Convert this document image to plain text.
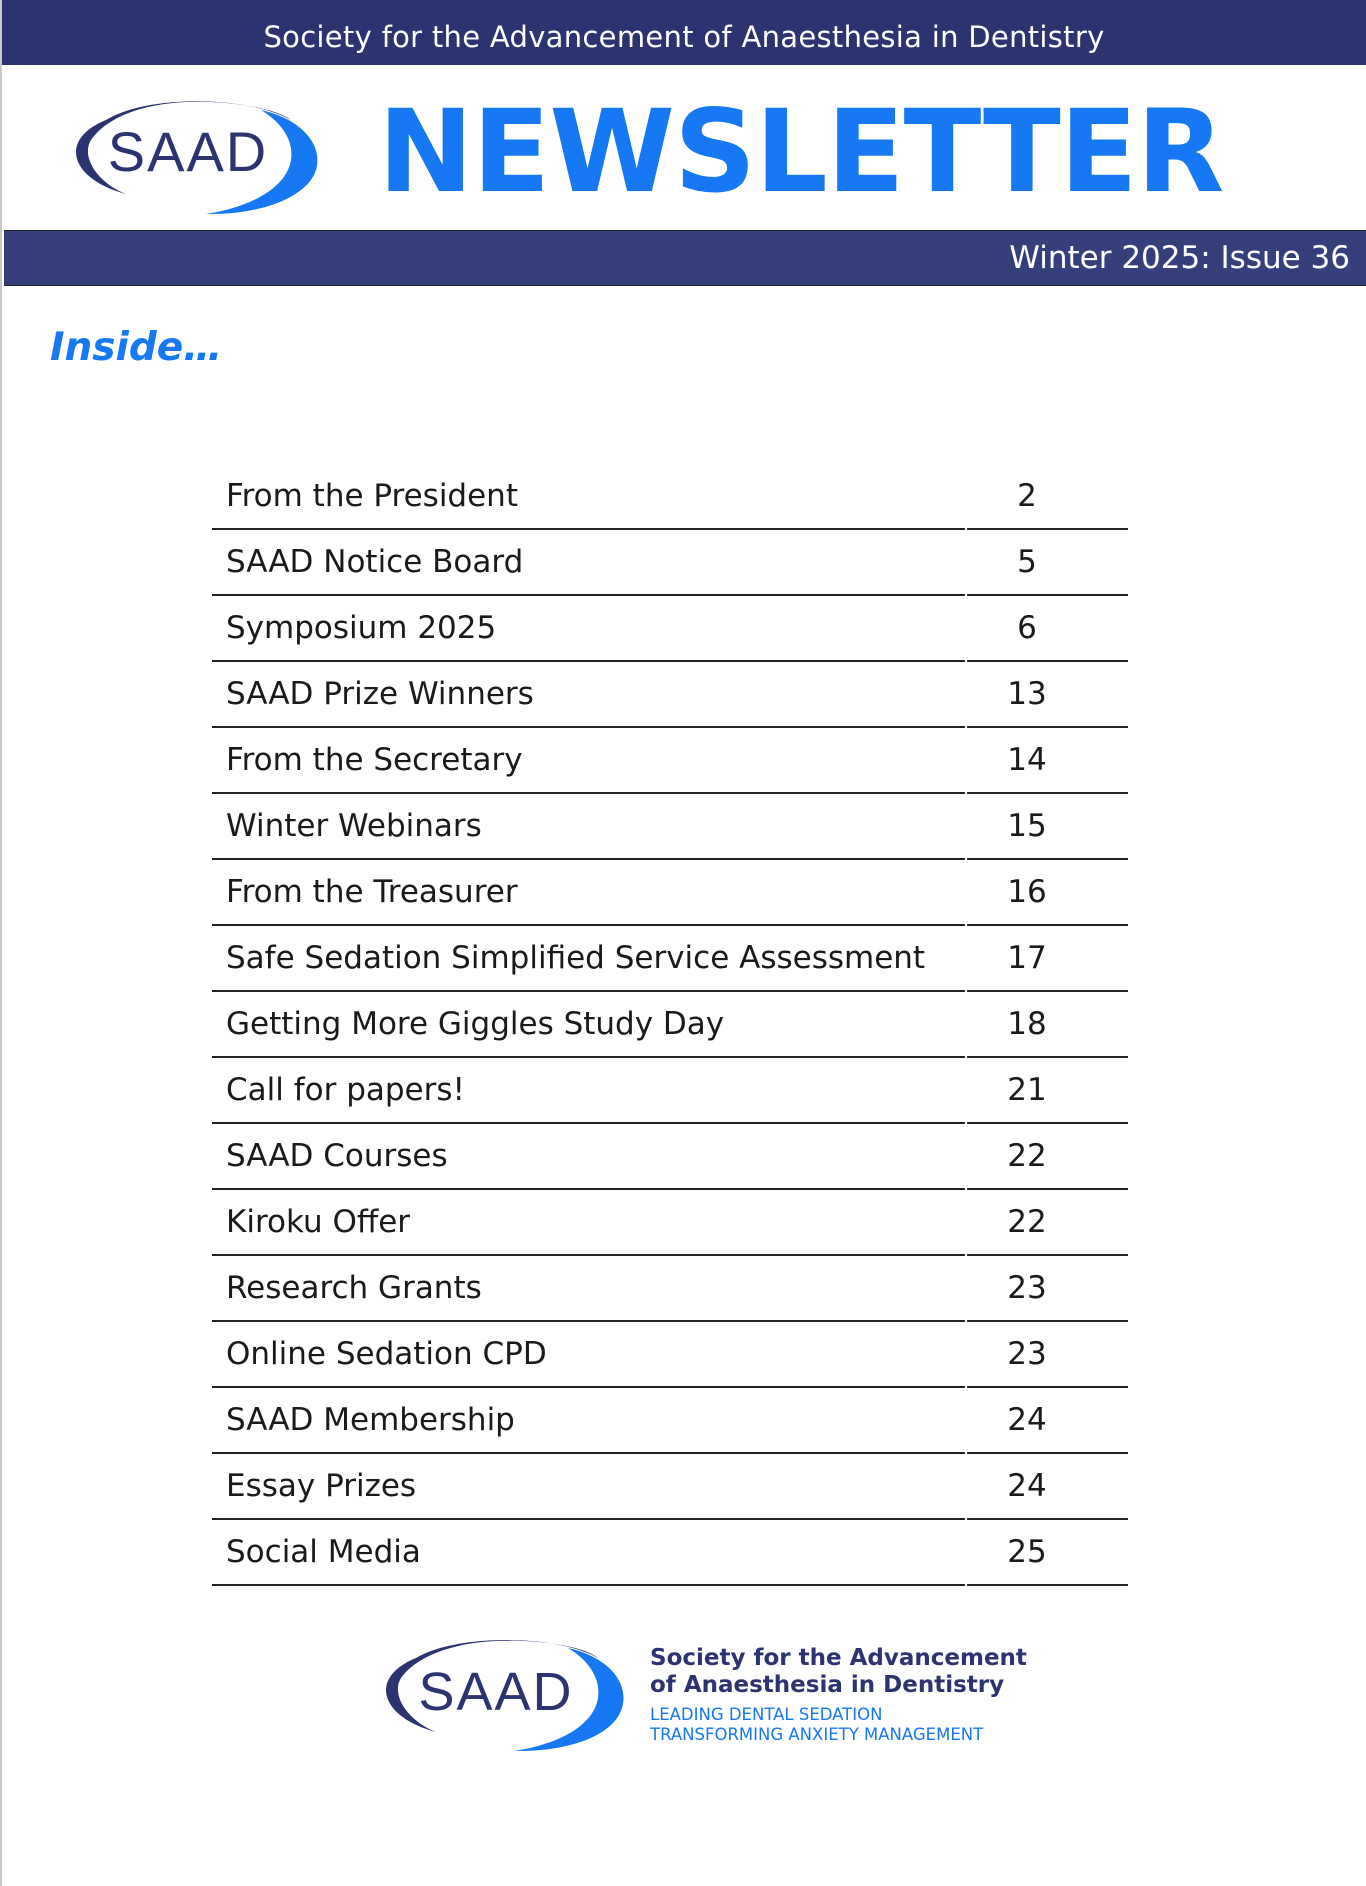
Society for the Advancement of Anaesthesia in Dentistry
SAAD NEWSLETTER
Winter 2025: Issue 36
Inside…
From the President	2
SAAD Notice Board	5
Symposium 2025	6
SAAD Prize Winners	13
From the Secretary	14
Winter Webinars	15
From the Treasurer	16
Safe Sedation Simplified Service Assessment	17
Getting More Giggles Study Day	18
Call for papers!	21
SAAD Courses	22
Kiroku Offer	22
Research Grants	23
Online Sedation CPD	23
SAAD Membership	24
Essay Prizes	24
Social Media	25
SAAD
Society for the Advancement
of Anaesthesia in Dentistry
LEADING DENTAL SEDATION
TRANSFORMING ANXIETY MANAGEMENT
